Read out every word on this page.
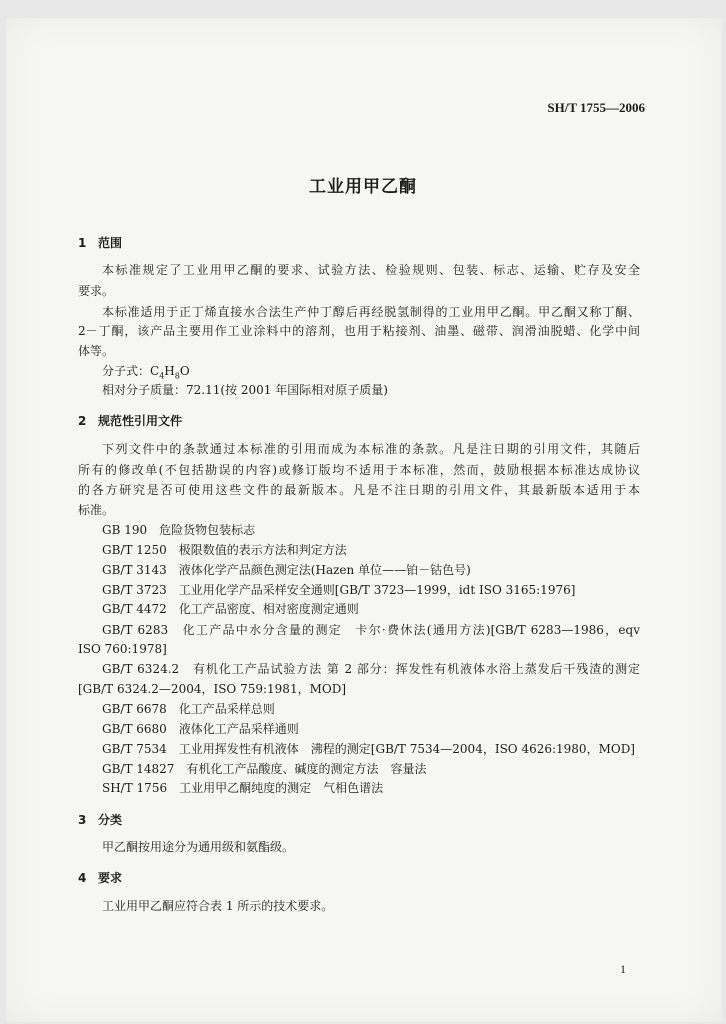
SH/T 1755—2006
工业用甲乙酮
1 范围
本标准规定了工业用甲乙酮的要求、试验方法、检验规则、包装、标志、运输、贮存及安全
要求。
本标准适用于正丁烯直接水合法生产仲丁醇后再经脱氢制得的工业用甲乙酮。甲乙酮又称丁酮、
2－丁酮，该产品主要用作工业涂料中的溶剂，也用于粘接剂、油墨、磁带、润滑油脱蜡、化学中间
体等。
分子式：$C_4H_8O$
相对分子质量：72.11(按 2001 年国际相对原子质量)
2 规范性引用文件
下列文件中的条款通过本标准的引用而成为本标准的条款。凡是注日期的引用文件，其随后
所有的修改单(不包括勘误的内容)或修订版均不适用于本标准，然而，鼓励根据本标准达成协议
的各方研究是否可使用这些文件的最新版本。凡是不注日期的引用文件，其最新版本适用于本
标准。
GB 190　危险货物包装标志
GB/T 1250　极限数值的表示方法和判定方法
GB/T 3143　液体化学产品颜色测定法(Hazen 单位——铂－钴色号)
GB/T 3723　工业用化学产品采样安全通则[GB/T 3723—1999，idt ISO 3165:1976]
GB/T 4472　化工产品密度、相对密度测定通则
GB/T 6283　化工产品中水分含量的测定　卡尔·费休法(通用方法)[GB/T 6283—1986，eqv
ISO 760:1978]
GB/T 6324.2　有机化工产品试验方法 第 2 部分：挥发性有机液体水浴上蒸发后干残渣的测定
[GB/T 6324.2—2004，ISO 759:1981，MOD]
GB/T 6678　化工产品采样总则
GB/T 6680　液体化工产品采样通则
GB/T 7534　工业用挥发性有机液体　沸程的测定[GB/T 7534—2004，ISO 4626:1980，MOD]
GB/T 14827　有机化工产品酸度、碱度的测定方法　容量法
SH/T 1756　工业用甲乙酮纯度的测定　气相色谱法
3 分类
甲乙酮按用途分为通用级和氨酯级。
4 要求
工业用甲乙酮应符合表 1 所示的技术要求。
1
